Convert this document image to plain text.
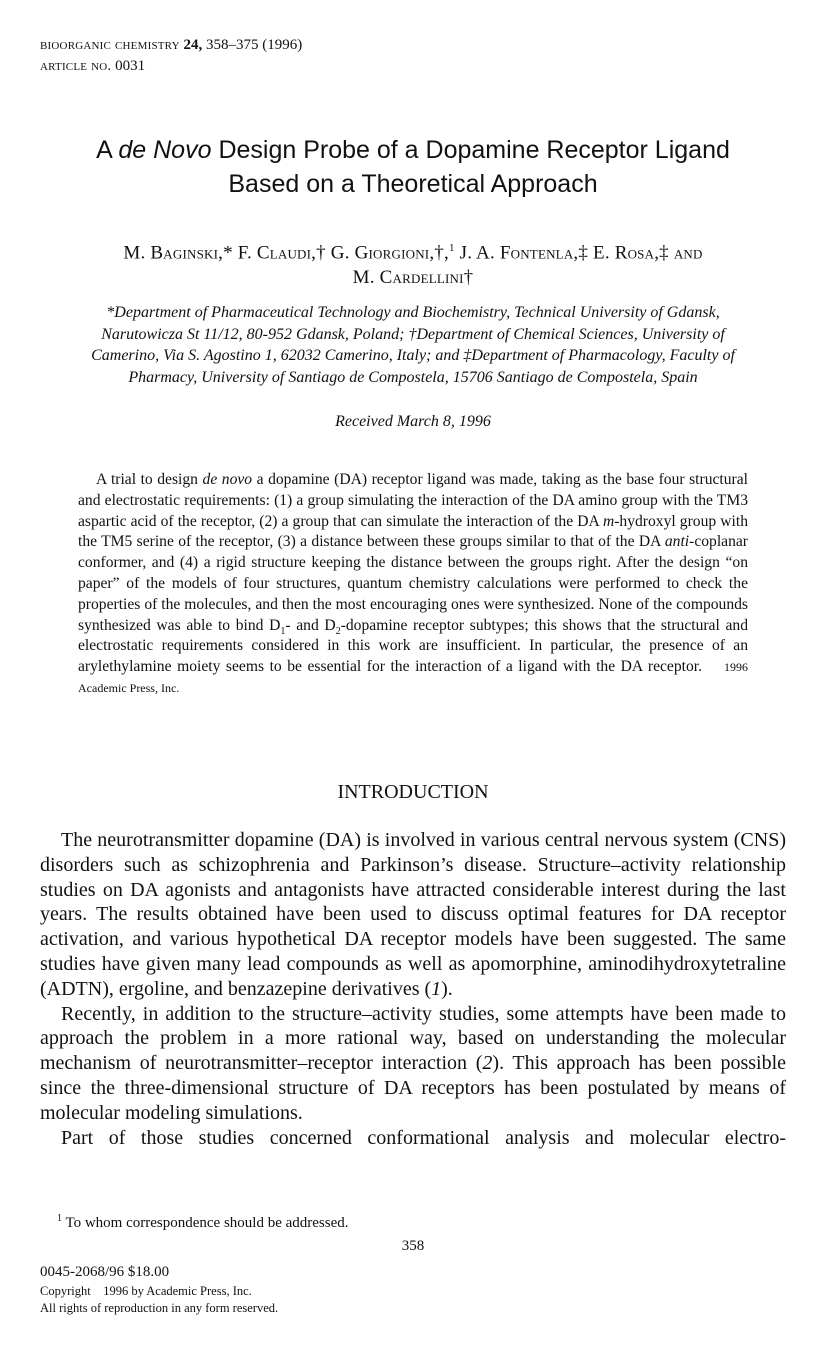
bioorganic chemistry 24, 358–375 (1996)
article no. 0031
A de Novo Design Probe of a Dopamine Receptor Ligand
Based on a Theoretical Approach
M. Baginski,* F. Claudi,† G. Giorgioni,†,$^1$ J. A. Fontenla,‡ E. Rosa,‡ and
M. Cardellini†
*Department of Pharmaceutical Technology and Biochemistry, Technical University of Gdansk,
Narutowicza St 11/12, 80-952 Gdansk, Poland; †Department of Chemical Sciences, University of
Camerino, Via S. Agostino 1, 62032 Camerino, Italy; and ‡Department of Pharmacology, Faculty of
Pharmacy, University of Santiago de Compostela, 15706 Santiago de Compostela, Spain
Received March 8, 1996
A trial to design de novo a dopamine (DA) receptor ligand was made, taking as the base four structural and electrostatic requirements: (1) a group simulating the interaction of the DA amino group with the TM3 aspartic acid of the receptor, (2) a group that can simulate the interaction of the DA m-hydroxyl group with the TM5 serine of the receptor, (3) a distance between these groups similar to that of the DA anti-coplanar conformer, and (4) a rigid structure keeping the distance between the groups right. After the design “on paper” of the models of four structures, quantum chemistry calculations were performed to check the properties of the molecules, and then the most encouraging ones were synthesized. None of the compounds synthesized was able to bind $D_1-$ and $D_2$-dopamine receptor subtypes; this shows that the structural and electrostatic requirements considered in this work are insufficient. In particular, the presence of an arylethylamine moiety seems to be essential for the interaction of a ligand with the DA receptor. 1996 Academic Press, Inc.
INTRODUCTION

The neurotransmitter dopamine (DA) is involved in various central nervous system (CNS) disorders such as schizophrenia and Parkinson’s disease. Structure–activity relationship studies on DA agonists and antagonists have attracted considerable interest during the last years. The results obtained have been used to discuss optimal features for DA receptor activation, and various hypothetical DA receptor models have been suggested. The same studies have given many lead compounds as well as apomorphine, aminodihydroxytetraline (ADTN), ergoline, and benzazepine derivatives (1).

Recently, in addition to the structure–activity studies, some attempts have been made to approach the problem in a more rational way, based on understanding the molecular mechanism of neurotransmitter–receptor interaction (2). This approach has been possible since the three-dimensional structure of DA receptors has been postulated by means of molecular modeling simulations.

Part of those studies concerned conformational analysis and molecular electro-

$^1$ To whom correspondence should be addressed.
358
0045-2068/96 $18.00
Copyright    1996 by Academic Press, Inc.
All rights of reproduction in any form reserved.
